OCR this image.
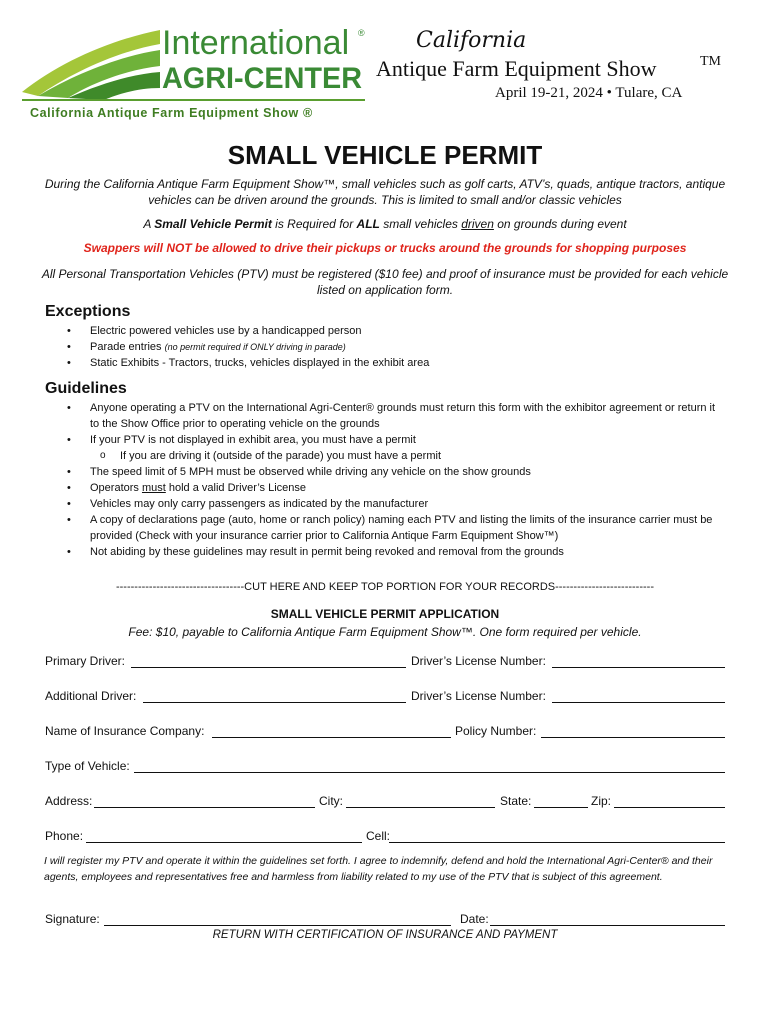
International ®
AGRI-CENTER
California Antique Farm Equipment Show ®
California
Antique Farm Equipment Show	TM
April 19-21, 2024 • Tulare, CA
SMALL VEHICLE PERMIT
During the California Antique Farm Equipment Show™, small vehicles such as golf carts, ATV’s, quads, antique tractors, antique vehicles can be driven around the grounds. This is limited to small and/or classic vehicles
A Small Vehicle Permit is Required for ALL small vehicles driven on grounds during event
Swappers will NOT be allowed to drive their pickups or trucks around the grounds for shopping purposes
All Personal Transportation Vehicles (PTV) must be registered ($10 fee) and proof of insurance must be provided for each vehicle listed on application form.
Exceptions
• Electric powered vehicles use by a handicapped person
• Parade entries (no permit required if ONLY driving in parade)
• Static Exhibits - Tractors, trucks, vehicles displayed in the exhibit area
Guidelines
• Anyone operating a PTV on the International Agri-Center® grounds must return this form with the exhibitor agreement or return it to the Show Office prior to operating vehicle on the grounds
• If your PTV is not displayed in exhibit area, you must have a permit
o If you are driving it (outside of the parade) you must have a permit
• The speed limit of 5 MPH must be observed while driving any vehicle on the show grounds
• Operators must hold a valid Driver’s License
• Vehicles may only carry passengers as indicated by the manufacturer
• A copy of declarations page (auto, home or ranch policy) naming each PTV and listing the limits of the insurance carrier must be provided (Check with your insurance carrier prior to California Antique Farm Equipment Show™)
• Not abiding by these guidelines may result in permit being revoked and removal from the grounds
-----------------------------------CUT HERE AND KEEP TOP PORTION FOR YOUR RECORDS---------------------------
SMALL VEHICLE PERMIT APPLICATION
Fee: $10, payable to California Antique Farm Equipment Show™. One form required per vehicle.
Primary Driver:	Driver’s License Number:
Additional Driver:	Driver’s License Number:
Name of Insurance Company:	Policy Number:
Type of Vehicle:
Address:	City:	State:	Zip:
Phone:	Cell:
I will register my PTV and operate it within the guidelines set forth. I agree to indemnify, defend and hold the International Agri-Center® and their agents, employees and representatives free and harmless from liability related to my use of the PTV that is subject of this agreement.
Signature:	Date:
RETURN WITH CERTIFICATION OF INSURANCE AND PAYMENT
